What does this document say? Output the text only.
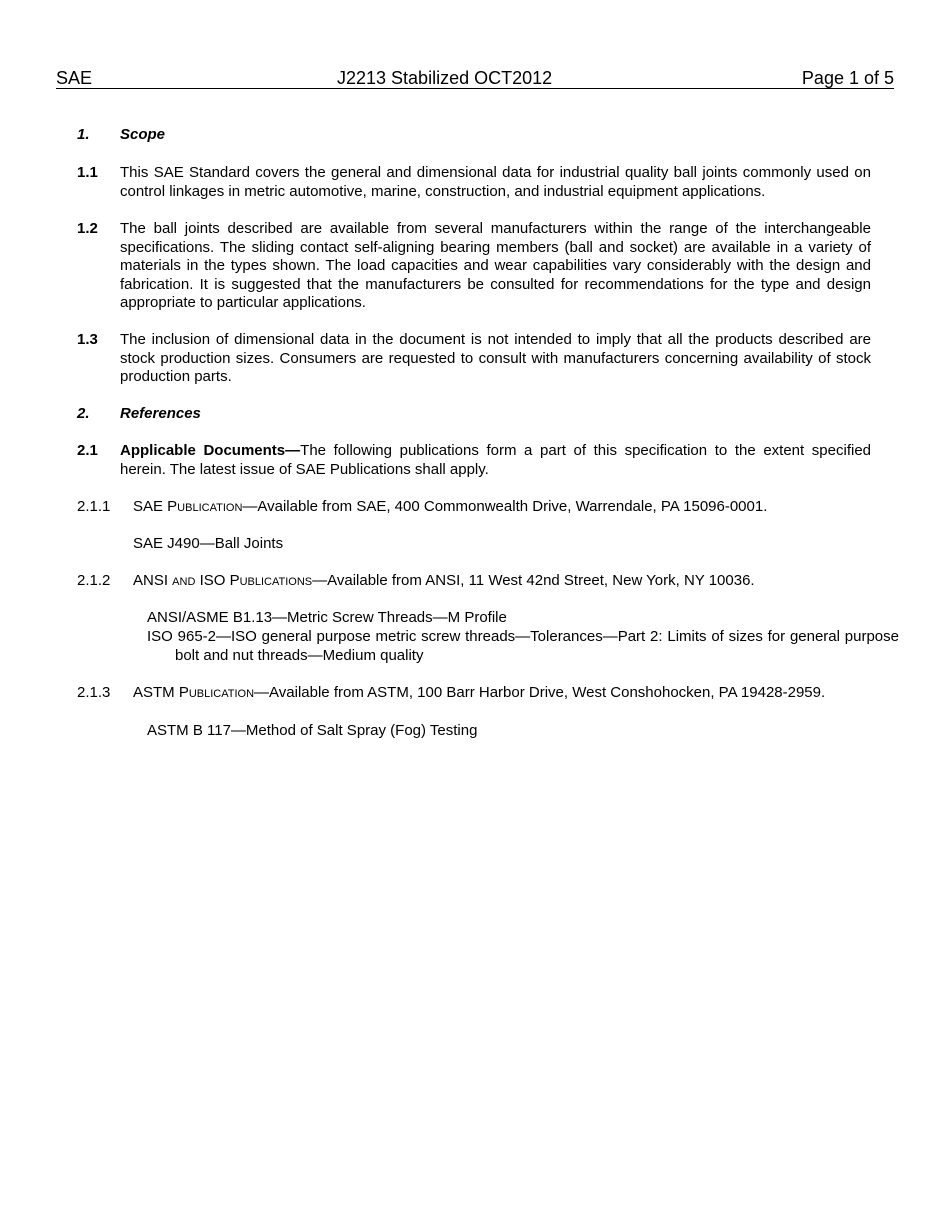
SAE	J2213 Stabilized OCT2012	Page 1 of 5
1. Scope

1.1 This SAE Standard covers the general and dimensional data for industrial quality ball joints commonly used on control linkages in metric automotive, marine, construction, and industrial equipment applications.
1.2 The ball joints described are available from several manufacturers within the range of the interchangeable specifications. The sliding contact self-aligning bearing members (ball and socket) are available in a variety of materials in the types shown. The load capacities and wear capabilities vary considerably with the design and fabrication. It is suggested that the manufacturers be consulted for recommendations for the type and design appropriate to particular applications.
1.3 The inclusion of dimensional data in the document is not intended to imply that all the products described are stock production sizes. Consumers are requested to consult with manufacturers concerning availability of stock production parts.
2. References

2.1 Applicable Documents—The following publications form a part of this specification to the extent specified herein. The latest issue of SAE Publications shall apply.
2.1.1 SAE Publication—Available from SAE, 400 Commonwealth Drive, Warrendale, PA 15096-0001.
SAE J490—Ball Joints
2.1.2 ANSI and ISO Publications—Available from ANSI, 11 West 42nd Street, New York, NY 10036.
ANSI/ASME B1.13—Metric Screw Threads—M Profile
ISO 965-2—ISO general purpose metric screw threads—Tolerances—Part 2: Limits of sizes for general purpose bolt and nut threads—Medium quality
2.1.3 ASTM Publication—Available from ASTM, 100 Barr Harbor Drive, West Conshohocken, PA 19428-2959.
ASTM B 117—Method of Salt Spray (Fog) Testing
